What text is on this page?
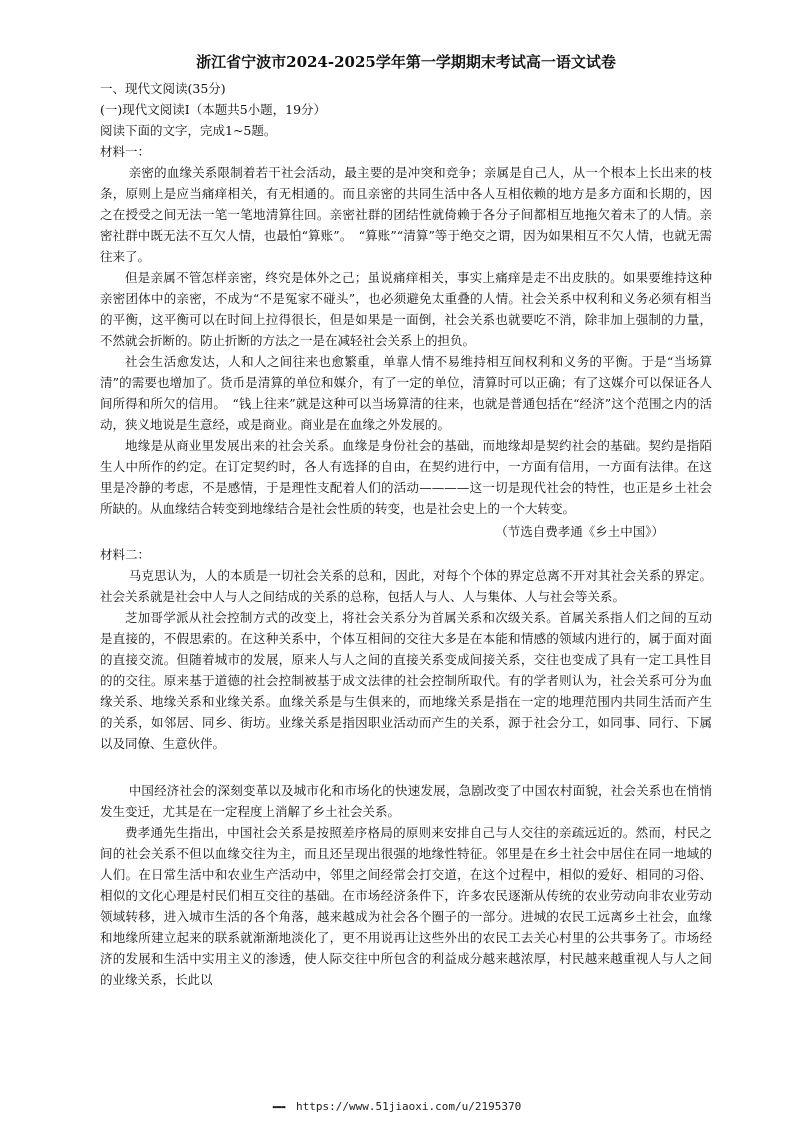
浙江省宁波市2024-2025学年第一学期期末考试高一语文试卷

一、现代文阅读(35分)

(一)现代文阅读Ⅰ（本题共5小题，19分）

阅读下面的文字，完成1~5题。

材料一：

亲密的血缘关系限制着若干社会活动，最主要的是冲突和竞争；亲属是自己人，从一个根本上长出来的枝条，原则上是应当痛痒相关，有无相通的。而且亲密的共同生活中各人互相依赖的地方是多方面和长期的，因之在授受之间无法一笔一笔地清算往回。亲密社群的团结性就倚赖于各分子间都相互地拖欠着未了的人情。亲密社群中既无法不互欠人情，也最怕“算账”。　“算账”“清算”等于绝交之谓，因为如果相互不欠人情，也就无需往来了。

但是亲属不管怎样亲密，终究是体外之己；虽说痛痒相关，事实上痛痒是走不出皮肤的。如果要维持这种亲密团体中的亲密，不成为“不是冤家不碰头”，也必须避免太重叠的人情。社会关系中权利和义务必须有相当的平衡，这平衡可以在时间上拉得很长，但是如果是一面倒，社会关系也就要吃不消，除非加上强制的力量，不然就会折断的。防止折断的方法之一是在减轻社会关系上的担负。

社会生活愈发达，人和人之间往来也愈繁重，单靠人情不易维持相互间权利和义务的平衡。于是“当场算清”的需要也增加了。货币是清算的单位和媒介，有了一定的单位，清算时可以正确；有了这媒介可以保证各人间所得和所欠的信用。　“钱上往来”就是这种可以当场算清的往来，也就是普通包括在“经济”这个范围之内的活动，狭义地说是生意经，或是商业。商业是在血缘之外发展的。

地缘是从商业里发展出来的社会关系。血缘是身份社会的基础，而地缘却是契约社会的基础。契约是指陌生人中所作的约定。在订定契约时，各人有选择的自由，在契约进行中，一方面有信用，一方面有法律。在这里是冷静的考虑，不是感情，于是理性支配着人们的活动————这一切是现代社会的特性，也正是乡土社会所缺的。从血缘结合转变到地缘结合是社会性质的转变，也是社会史上的一个大转变。

（节选自费孝通《乡土中国》）

材料二：

马克思认为，人的本质是一切社会关系的总和，因此，对每个个体的界定总离不开对其社会关系的界定。社会关系就是社会中人与人之间结成的关系的总称，包括人与人、人与集体、人与社会等关系。

芝加哥学派从社会控制方式的改变上，将社会关系分为首属关系和次级关系。首属关系指人们之间的互动是直接的，不假思索的。在这种关系中，个体互相间的交往大多是在本能和情感的领域内进行的，属于面对面的直接交流。但随着城市的发展，原来人与人之间的直接关系变成间接关系，交往也变成了具有一定工具性目的的交往。原来基于道德的社会控制被基于成文法律的社会控制所取代。有的学者则认为，社会关系可分为血缘关系、地缘关系和业缘关系。血缘关系是与生俱来的，而地缘关系是指在一定的地理范围内共同生活而产生的关系，如邻居、同乡、街坊。业缘关系是指因职业活动而产生的关系，源于社会分工，如同事、同行、下属以及同僚、生意伙伴。

中国经济社会的深刻变革以及城市化和市场化的快速发展，急剧改变了中国农村面貌，社会关系也在悄悄发生变迁，尤其是在一定程度上消解了乡土社会关系。

费孝通先生指出，中国社会关系是按照差序格局的原则来安排自己与人交往的亲疏远近的。然而，村民之间的社会关系不但以血缘交往为主，而且还呈现出很强的地缘性特征。邻里是在乡土社会中居住在同一地域的人们。在日常生活中和农业生产活动中，邻里之间经常会打交道，在这个过程中，相似的爱好、相同的习俗、相似的文化心理是村民们相互交往的基础。在市场经济条件下，许多农民逐渐从传统的农业劳动向非农业劳动领域转移，进入城市生活的各个角落，越来越成为社会各个圈子的一部分。进城的农民工远离乡土社会，血缘和地缘所建立起来的联系就渐渐地淡化了，更不用说再让这些外出的农民工去关心村里的公共事务了。市场经济的发展和生活中实用主义的渗透，使人际交往中所包含的利益成分越来越浓厚，村民越来越重视人与人之间的业缘关系，长此以

▬▬▬ https://www.51jiaoxi.com/u/2195370
